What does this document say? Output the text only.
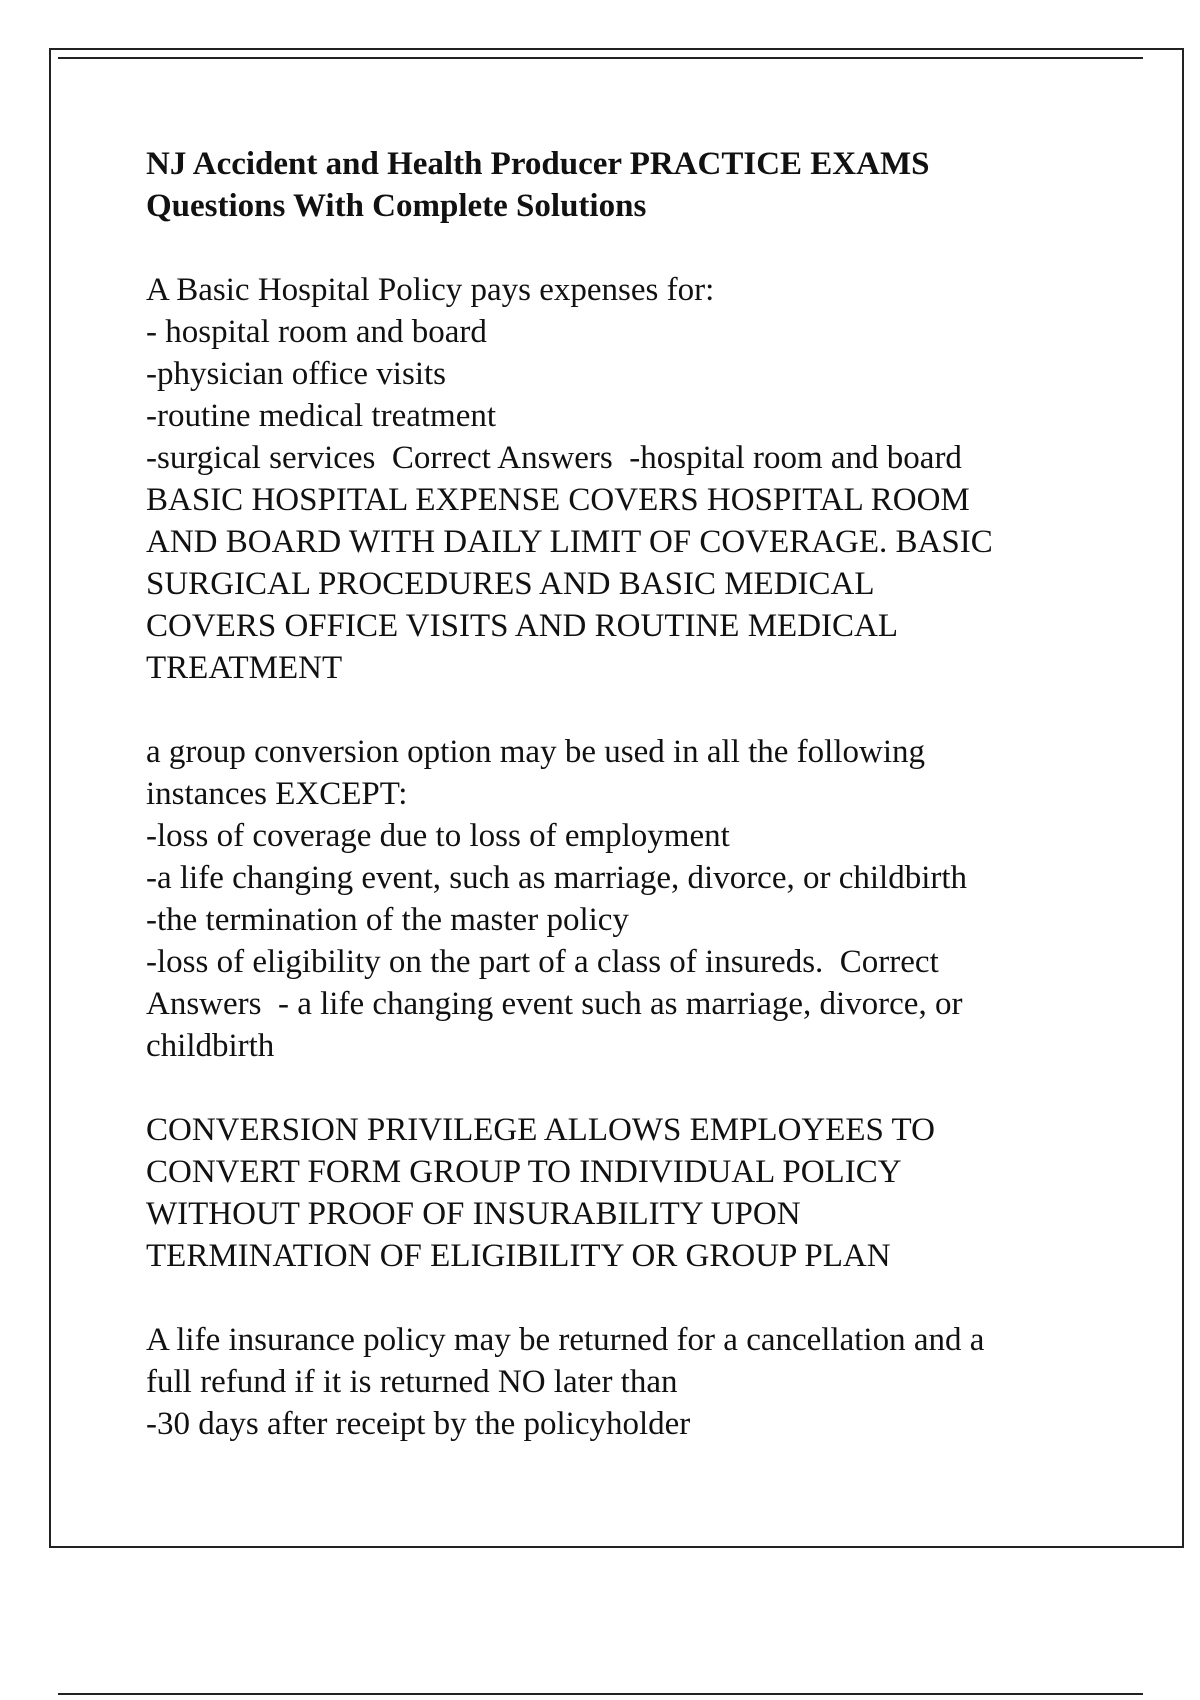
NJ Accident and Health Producer PRACTICE EXAMS
Questions With Complete Solutions
A Basic Hospital Policy pays expenses for:
- hospital room and board
-physician office visits
-routine medical treatment
-surgical services  Correct Answers  -hospital room and board
BASIC HOSPITAL EXPENSE COVERS HOSPITAL ROOM
AND BOARD WITH DAILY LIMIT OF COVERAGE. BASIC
SURGICAL PROCEDURES AND BASIC MEDICAL
COVERS OFFICE VISITS AND ROUTINE MEDICAL
TREATMENT
a group conversion option may be used in all the following
instances EXCEPT:
-loss of coverage due to loss of employment
-a life changing event, such as marriage, divorce, or childbirth
-the termination of the master policy
-loss of eligibility on the part of a class of insureds.  Correct
Answers  - a life changing event such as marriage, divorce, or
childbirth
CONVERSION PRIVILEGE ALLOWS EMPLOYEES TO
CONVERT FORM GROUP TO INDIVIDUAL POLICY
WITHOUT PROOF OF INSURABILITY UPON
TERMINATION OF ELIGIBILITY OR GROUP PLAN
A life insurance policy may be returned for a cancellation and a
full refund if it is returned NO later than
-30 days after receipt by the policyholder
